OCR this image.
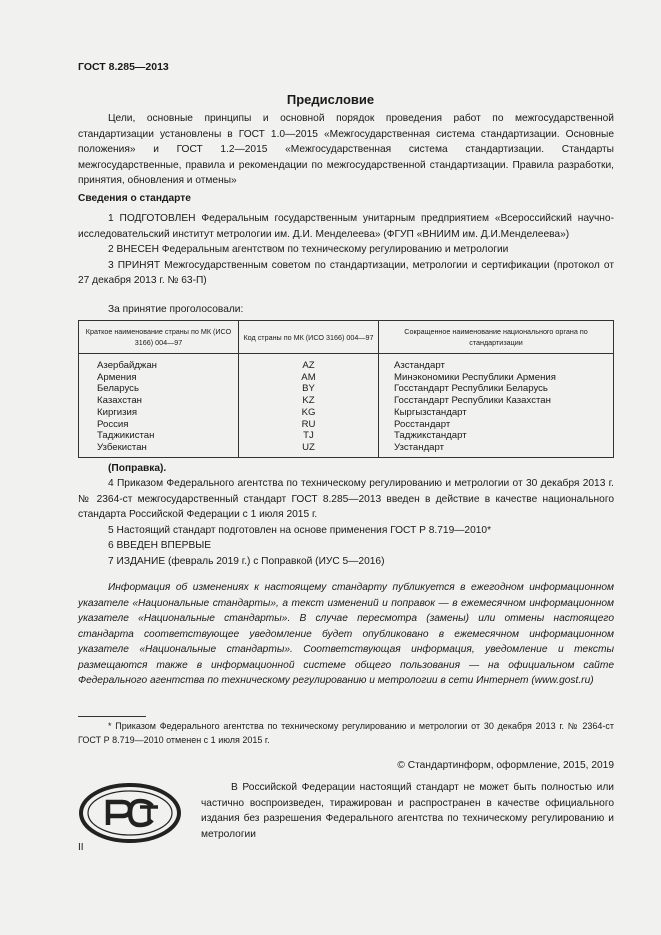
ГОСТ 8.285—2013
Предисловие
Цели, основные принципы и основной порядок проведения работ по межгосударственной стандартизации установлены в ГОСТ 1.0—2015 «Межгосударственная система стандартизации. Основные положения» и ГОСТ 1.2—2015 «Межгосударственная система стандартизации. Стандарты межгосударственные, правила и рекомендации по межгосударственной стандартизации. Правила разработки, принятия, обновления и отмены»
Сведения о стандарте

1 ПОДГОТОВЛЕН Федеральным государственным унитарным предприятием «Всероссийский научно-исследовательский институт метрологии им. Д.И. Менделеева» (ФГУП «ВНИИМ им. Д.И.Менделеева»)

2 ВНЕСЕН Федеральным агентством по техническому регулированию и метрологии

3 ПРИНЯТ Межгосударственным советом по стандартизации, метрологии и сертификации (протокол от 27 декабря 2013 г. № 63-П)

За принятие проголосовали:
Краткое наименование страны по МК (ИСО 3166) 004—97	Код страны по МК (ИСО 3166) 004—97	Сокращенное наименование национального органа по стандартизации
Азербайджан	AZ	Азстандарт
Армения	AM	Минэкономики Республики Армения
Беларусь	BY	Госстандарт Республики Беларусь
Казахстан	KZ	Госстандарт Республики Казахстан
Киргизия	KG	Кыргызстандарт
Россия	RU	Росстандарт
Таджикистан	TJ	Таджикстандарт
Узбекистан	UZ	Узстандарт
(Поправка).

4 Приказом Федерального агентства по техническому регулированию и метрологии от 30 декабря 2013 г. № 2364-ст межгосударственный стандарт ГОСТ 8.285—2013 введен в действие в качестве национального стандарта Российской Федерации с 1 июля 2015 г.

5 Настоящий стандарт подготовлен на основе применения ГОСТ Р 8.719—2010*

6 ВВЕДЕН ВПЕРВЫЕ

7 ИЗДАНИЕ (февраль 2019 г.) с Поправкой (ИУС 5—2016)

Информация об изменениях к настоящему стандарту публикуется в ежегодном информационном указателе «Национальные стандарты», а текст изменений и поправок — в ежемесячном информационном указателе «Национальные стандарты». В случае пересмотра (замены) или отмены настоящего стандарта соответствующее уведомление будет опубликовано в ежемесячном информационном указателе «Национальные стандарты». Соответствующая информация, уведомление и тексты размещаются также в информационной системе общего пользования — на официальном сайте Федерального агентства по техническому регулированию и метрологии в сети Интернет (www.gost.ru)
* Приказом Федерального агентства по техническому регулированию и метрологии от 30 декабря 2013 г. № 2364-ст ГОСТ Р 8.719—2010 отменен с 1 июля 2015 г.
© Стандартинформ, оформление, 2015, 2019
В Российской Федерации настоящий стандарт не может быть полностью или частично воспроизведен, тиражирован и распространен в качестве официального издания без разрешения Федерального агентства по техническому регулированию и метрологии
II
